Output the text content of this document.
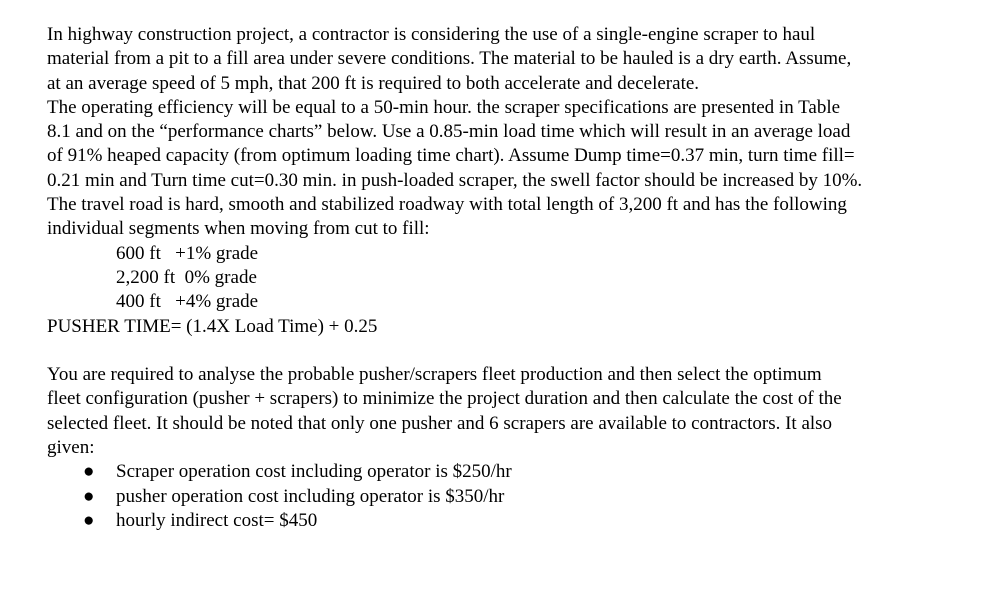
In highway construction project, a contractor is considering the use of a single-engine scraper to haul
material from a pit to a fill area under severe conditions. The material to be hauled is a dry earth. Assume,
at an average speed of 5 mph, that 200 ft is required to both accelerate and decelerate.
The operating efficiency will be equal to a 50-min hour. the scraper specifications are presented in Table
8.1 and on the “performance charts” below. Use a 0.85-min load time which will result in an average load
of 91% heaped capacity (from optimum loading time chart). Assume Dump time=0.37 min, turn time fill=
0.21 min and Turn time cut=0.30 min. in push-loaded scraper, the swell factor should be increased by 10%.
The travel road is hard, smooth and stabilized roadway with total length of 3,200 ft and has the following
individual segments when moving from cut to fill:
600 ft   +1% grade
2,200 ft  0% grade
400 ft   +4% grade
PUSHER TIME= (1.4X Load Time) + 0.25
You are required to analyse the probable pusher/scrapers fleet production and then select the optimum
fleet configuration (pusher + scrapers) to minimize the project duration and then calculate the cost of the
selected fleet. It should be noted that only one pusher and 6 scrapers are available to contractors. It also
given:
● Scraper operation cost including operator is $250/hr
● pusher operation cost including operator is $350/hr
● hourly indirect cost= $450
